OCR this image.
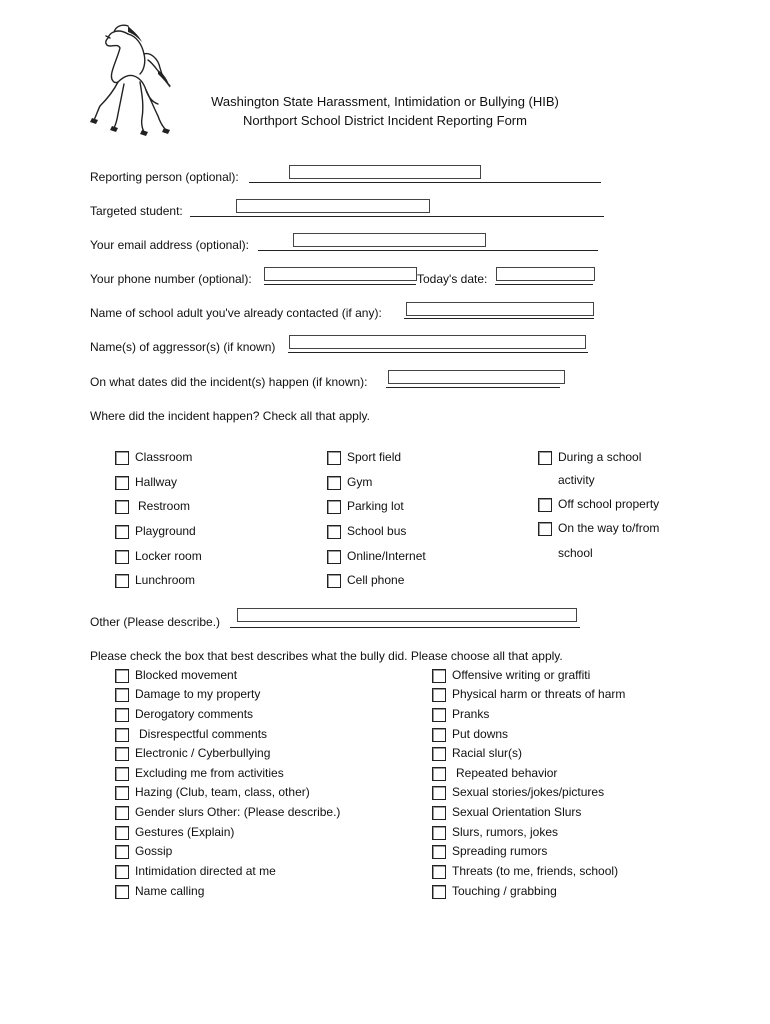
Washington State Harassment, Intimidation or Bullying (HIB)
Northport School District Incident Reporting Form
Reporting person (optional):
Targeted student:
Your email address (optional):
Your phone number (optional):	Today's date:
Name of school adult you've already contacted (if any):
Name(s) of aggressor(s) (if known)
On what dates did the incident(s) happen (if known):
Where did the incident happen? Check all that apply.
Classroom
Hallway
Restroom
Playground
Locker room
Lunchroom
Sport field
Gym
Parking lot
School bus
Online/Internet
Cell phone
During a school
activity
Off school property
On the way to/from
school
Other (Please describe.)
Please check the box that best describes what the bully did. Please choose all that apply.
Blocked movement
Damage to my property
Derogatory comments
Disrespectful comments
Electronic / Cyberbullying
Excluding me from activities
Hazing (Club, team, class, other)
Gender slurs Other: (Please describe.)
Gestures (Explain)
Gossip
Intimidation directed at me
Name calling
Offensive writing or graffiti
Physical harm or threats of harm
Pranks
Put downs
Racial slur(s)
Repeated behavior
Sexual stories/jokes/pictures
Sexual Orientation Slurs
Slurs, rumors, jokes
Spreading rumors
Threats (to me, friends, school)
Touching / grabbing
